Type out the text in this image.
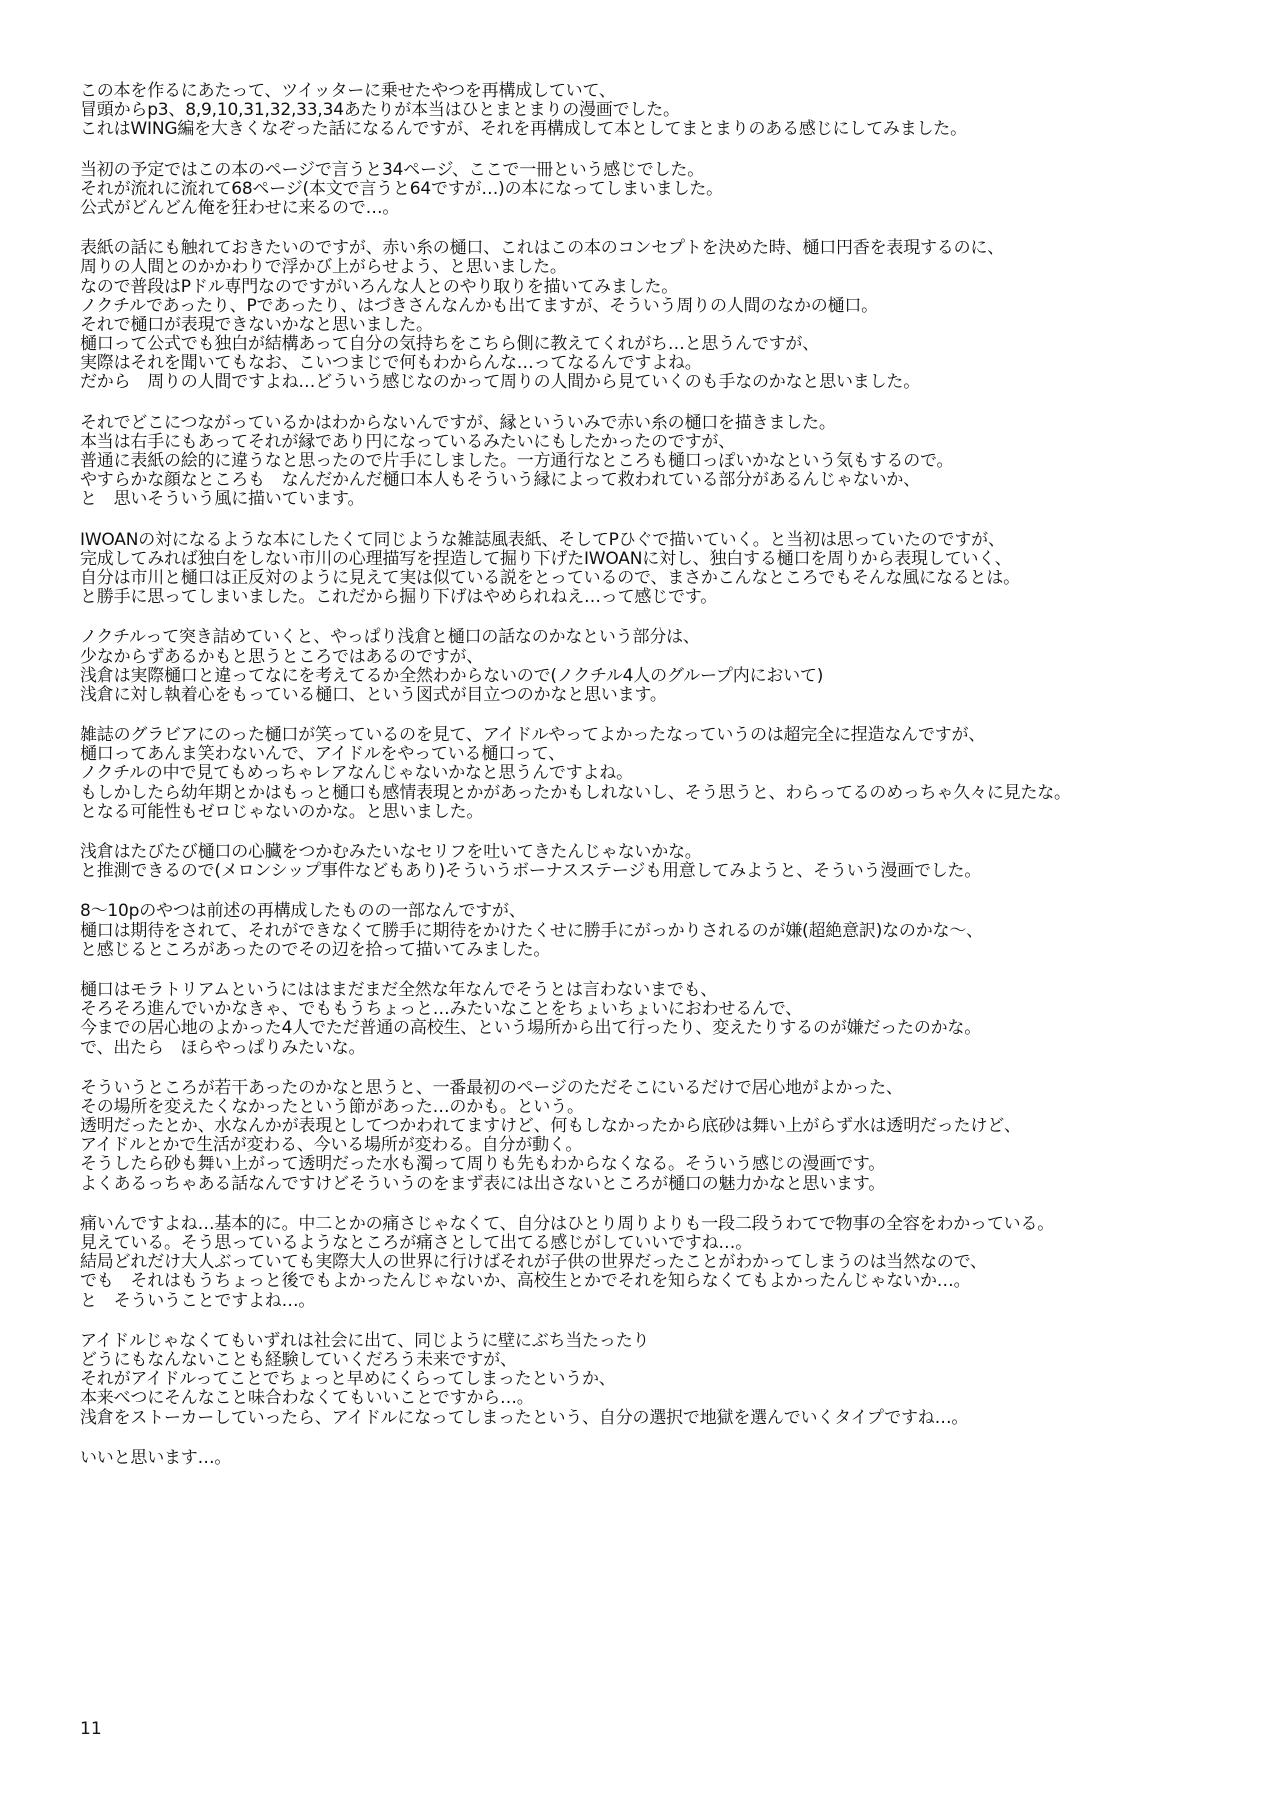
この本を作るにあたって、ツイッターに乗せたやつを再構成していて、
冒頭からp3、8,9,10,31,32,33,34あたりが本当はひとまとまりの漫画でした。
これはWING編を大きくなぞった話になるんですが、それを再構成して本としてまとまりのある感じにしてみました。
当初の予定ではこの本のページで言うと34ページ、ここで一冊という感じでした。
それが流れに流れて68ページ(本文で言うと64ですが…)の本になってしまいました。
公式がどんどん俺を狂わせに来るので…。
表紙の話にも触れておきたいのですが、赤い糸の樋口、これはこの本のコンセプトを決めた時、樋口円香を表現するのに、
周りの人間とのかかわりで浮かび上がらせよう、と思いました。
なので普段はPドル専門なのですがいろんな人とのやり取りを描いてみました。
ノクチルであったり、Pであったり、はづきさんなんかも出てますが、そういう周りの人間のなかの樋口。
それで樋口が表現できないかなと思いました。
樋口って公式でも独白が結構あって自分の気持ちをこちら側に教えてくれがち…と思うんですが、
実際はそれを聞いてもなお、こいつまじで何もわからんな…ってなるんですよね。
だから　周りの人間ですよね…どういう感じなのかって周りの人間から見ていくのも手なのかなと思いました。
それでどこにつながっているかはわからないんですが、縁といういみで赤い糸の樋口を描きました。
本当は右手にもあってそれが縁であり円になっているみたいにもしたかったのですが、
普通に表紙の絵的に違うなと思ったので片手にしました。一方通行なところも樋口っぽいかなという気もするので。
やすらかな顔なところも　なんだかんだ樋口本人もそういう縁によって救われている部分があるんじゃないか、
と　思いそういう風に描いています。
IWOANの対になるような本にしたくて同じような雑誌風表紙、そしてPひぐで描いていく。と当初は思っていたのですが、
完成してみれば独白をしない市川の心理描写を捏造して掘り下げたIWOANに対し、独白する樋口を周りから表現していく、
自分は市川と樋口は正反対のように見えて実は似ている説をとっているので、まさかこんなところでもそんな風になるとは。
と勝手に思ってしまいました。これだから掘り下げはやめられねえ…って感じです。
ノクチルって突き詰めていくと、やっぱり浅倉と樋口の話なのかなという部分は、
少なからずあるかもと思うところではあるのですが、
浅倉は実際樋口と違ってなにを考えてるか全然わからないので(ノクチル4人のグループ内において)
浅倉に対し執着心をもっている樋口、という図式が目立つのかなと思います。
雑誌のグラビアにのった樋口が笑っているのを見て、アイドルやってよかったなっていうのは超完全に捏造なんですが、
樋口ってあんま笑わないんで、アイドルをやっている樋口って、
ノクチルの中で見てもめっちゃレアなんじゃないかなと思うんですよね。
もしかしたら幼年期とかはもっと樋口も感情表現とかがあったかもしれないし、そう思うと、わらってるのめっちゃ久々に見たな。
となる可能性もゼロじゃないのかな。と思いました。
浅倉はたびたび樋口の心臓をつかむみたいなセリフを吐いてきたんじゃないかな。
と推測できるので(メロンシップ事件などもあり)そういうボーナスステージも用意してみようと、そういう漫画でした。
8～10pのやつは前述の再構成したものの一部なんですが、
樋口は期待をされて、それができなくて勝手に期待をかけたくせに勝手にがっかりされるのが嫌(超絶意訳)なのかな～、
と感じるところがあったのでその辺を拾って描いてみました。
樋口はモラトリアムというにははまだまだ全然な年なんでそうとは言わないまでも、
そろそろ進んでいかなきゃ、でももうちょっと…みたいなことをちょいちょいにおわせるんで、
今までの居心地のよかった4人でただ普通の高校生、という場所から出て行ったり、変えたりするのが嫌だったのかな。
で、出たら　ほらやっぱりみたいな。
そういうところが若干あったのかなと思うと、一番最初のページのただそこにいるだけで居心地がよかった、
その場所を変えたくなかったという節があった…のかも。という。
透明だったとか、水なんかが表現としてつかわれてますけど、何もしなかったから底砂は舞い上がらず水は透明だったけど、
アイドルとかで生活が変わる、今いる場所が変わる。自分が動く。
そうしたら砂も舞い上がって透明だった水も濁って周りも先もわからなくなる。そういう感じの漫画です。
よくあるっちゃある話なんですけどそういうのをまず表には出さないところが樋口の魅力かなと思います。
痛いんですよね…基本的に。中二とかの痛さじゃなくて、自分はひとり周りよりも一段二段うわてで物事の全容をわかっている。
見えている。そう思っているようなところが痛さとして出てる感じがしていいですね…。
結局どれだけ大人ぶっていても実際大人の世界に行けばそれが子供の世界だったことがわかってしまうのは当然なので、
でも　それはもうちょっと後でもよかったんじゃないか、高校生とかでそれを知らなくてもよかったんじゃないか…。
と　そういうことですよね…。
アイドルじゃなくてもいずれは社会に出て、同じように壁にぶち当たったり
どうにもなんないことも経験していくだろう未来ですが、
それがアイドルってことでちょっと早めにくらってしまったというか、
本来べつにそんなこと味合わなくてもいいことですから…。
浅倉をストーカーしていったら、アイドルになってしまったという、自分の選択で地獄を選んでいくタイプですね…。
いいと思います…。
11
